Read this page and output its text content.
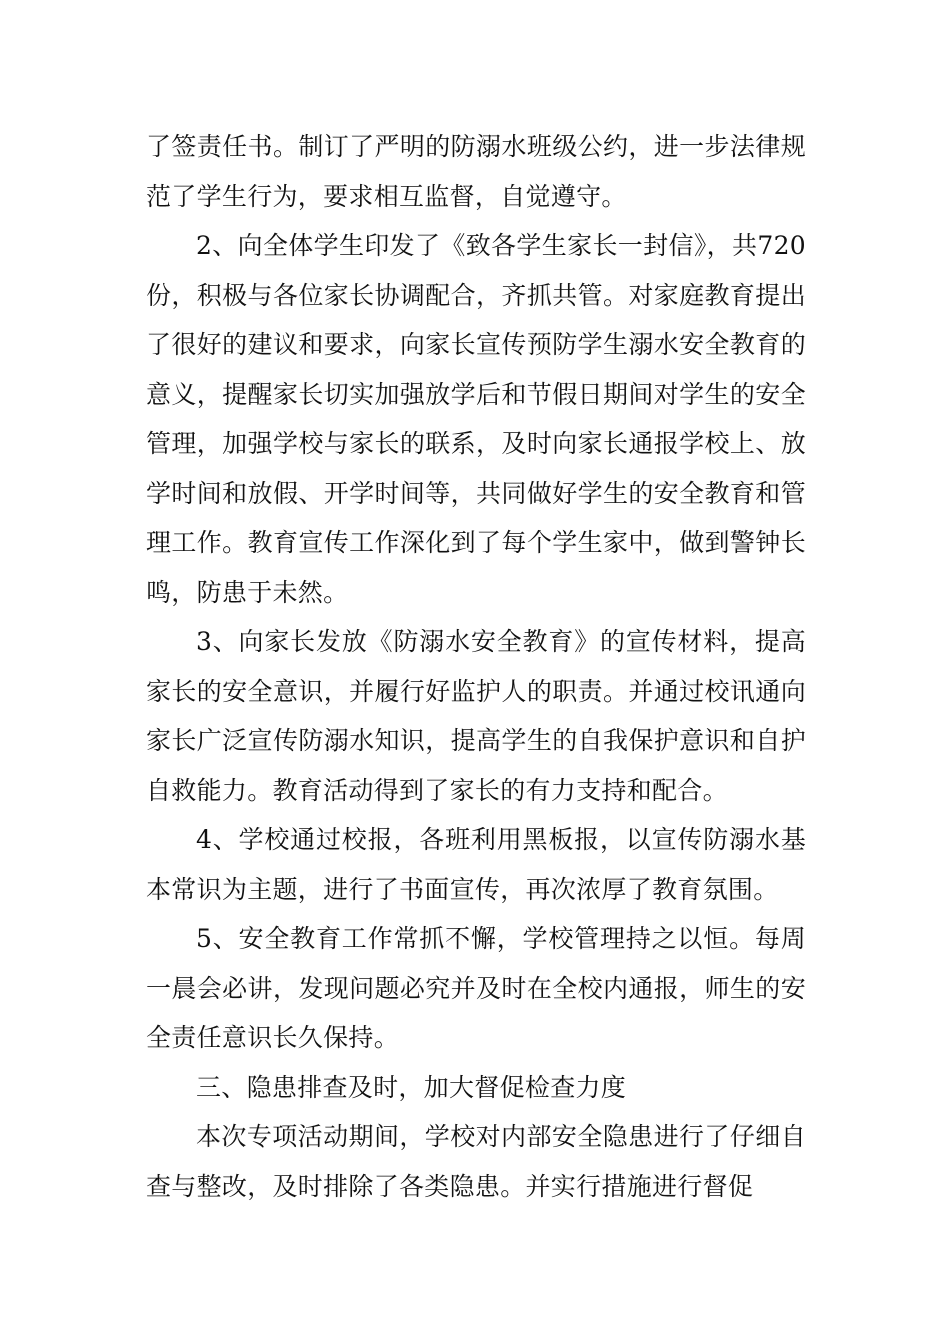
了签责任书。制订了严明的防溺水班级公约，进一步法律规范了学生行为，要求相互监督，自觉遵守。

2、向全体学生印发了《致各学生家长一封信》，共720份，积极与各位家长协调配合，齐抓共管。对家庭教育提出了很好的建议和要求，向家长宣传预防学生溺水安全教育的意义，提醒家长切实加强放学后和节假日期间对学生的安全管理，加强学校与家长的联系，及时向家长通报学校上、放学时间和放假、开学时间等，共同做好学生的安全教育和管理工作。教育宣传工作深化到了每个学生家中，做到警钟长鸣，防患于未然。

3、向家长发放《防溺水安全教育》的宣传材料，提高家长的安全意识，并履行好监护人的职责。并通过校讯通向家长广泛宣传防溺水知识，提高学生的自我保护意识和自护自救能力。教育活动得到了家长的有力支持和配合。

4、学校通过校报，各班利用黑板报，以宣传防溺水基本常识为主题，进行了书面宣传，再次浓厚了教育氛围。

5、安全教育工作常抓不懈，学校管理持之以恒。每周一晨会必讲，发现问题必究并及时在全校内通报，师生的安全责任意识长久保持。

三、隐患排查及时，加大督促检查力度

本次专项活动期间，学校对内部安全隐患进行了仔细自查与整改，及时排除了各类隐患。并实行措施进行督促
